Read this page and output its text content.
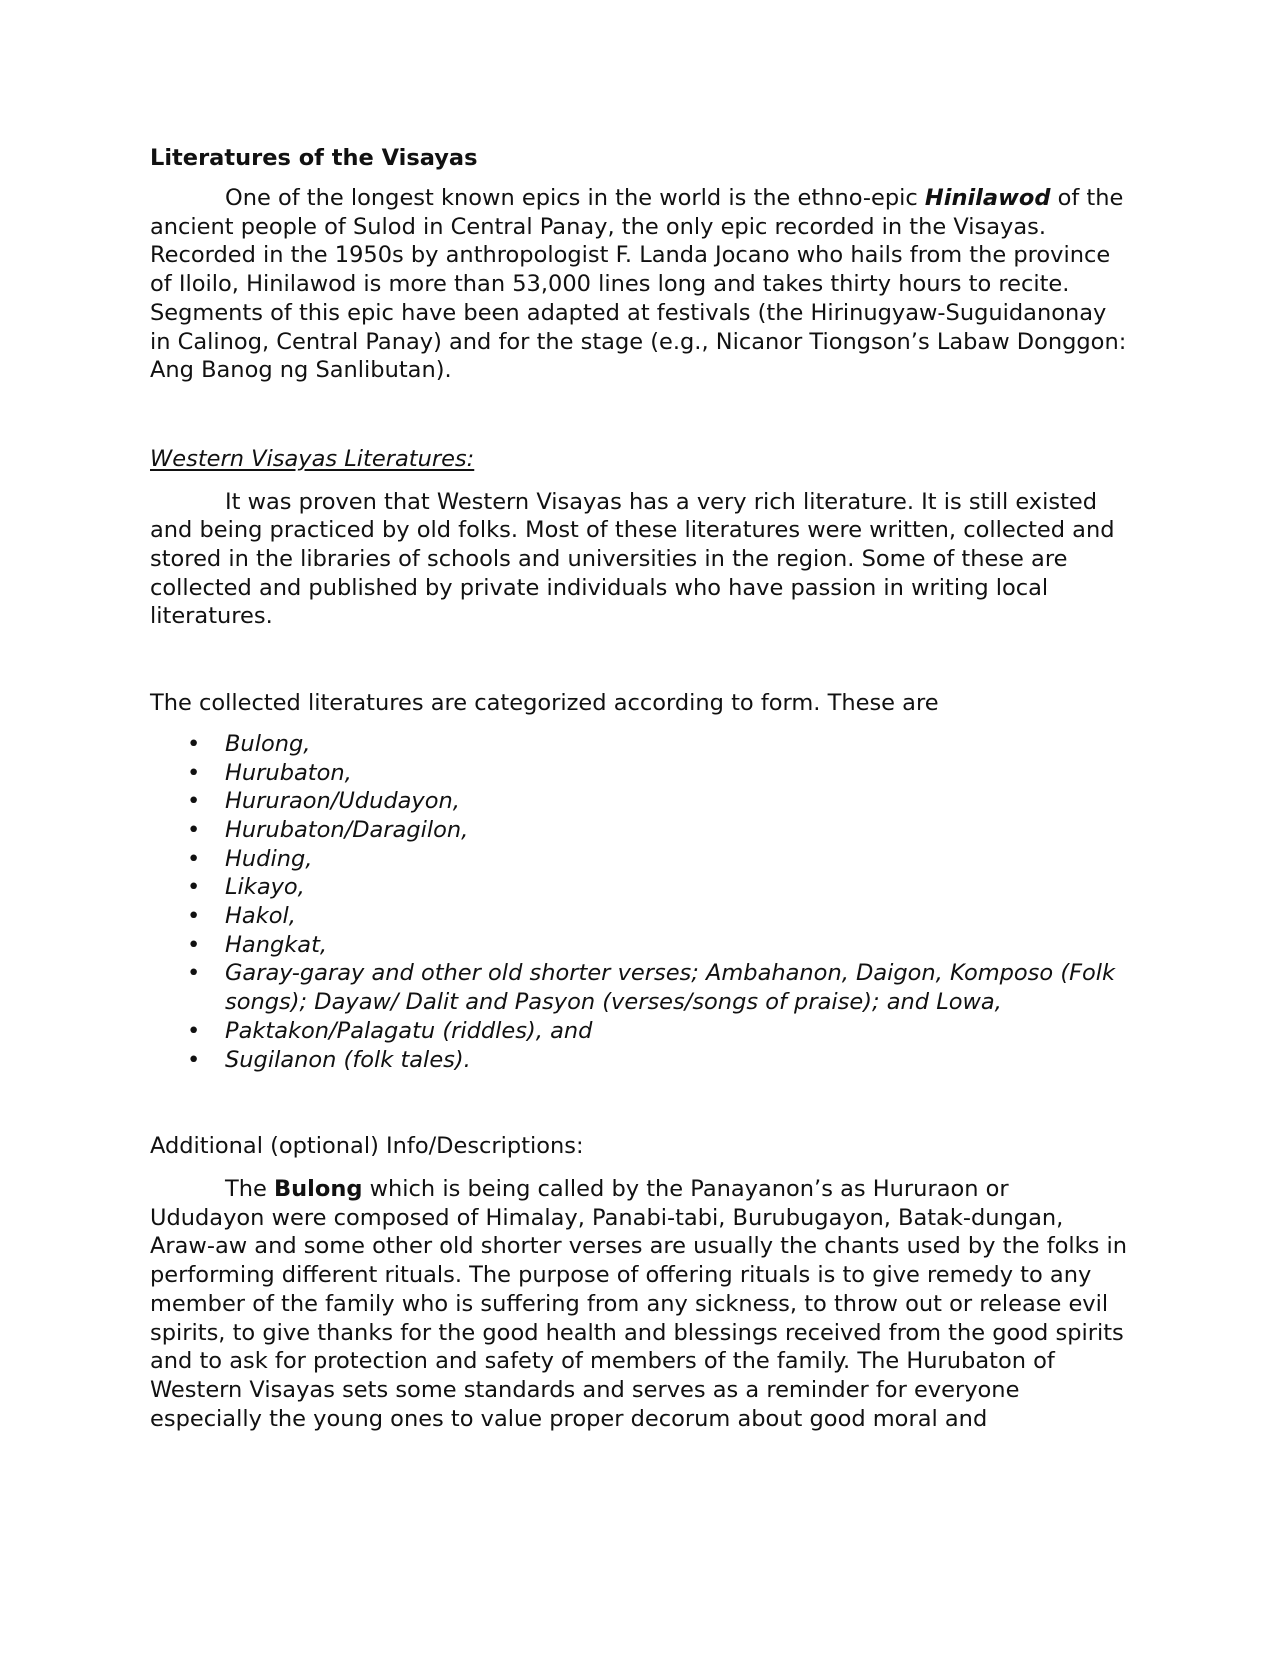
Literatures of the Visayas

One of the longest known epics in the world is the ethno-epic Hinilawod of the ancient people of Sulod in Central Panay, the only epic recorded in the Visayas. Recorded in the 1950s by anthropologist F. Landa Jocano who hails from the province of Iloilo, Hinilawod is more than 53,000 lines long and takes thirty hours to recite. Segments of this epic have been adapted at festivals (the Hirinugyaw-Suguidanonay in Calinog, Central Panay) and for the stage (e.g., Nicanor Tiongson’s Labaw Donggon: Ang Banog ng Sanlibutan).

Western Visayas Literatures:

It was proven that Western Visayas has a very rich literature. It is still existed and being practiced by old folks. Most of these literatures were written, collected and stored in the libraries of schools and universities in the region. Some of these are collected and published by private individuals who have passion in writing local literatures.

The collected literatures are categorized according to form. These are

• Bulong,
• Hurubaton,
• Hururaon/Ududayon,
• Hurubaton/Daragilon,
• Huding,
• Likayo,
• Hakol,
• Hangkat,
• Garay-garay and other old shorter verses; Ambahanon, Daigon, Komposo (Folk songs); Dayaw/ Dalit and Pasyon (verses/songs of praise); and Lowa,
• Paktakon/Palagatu (riddles), and
• Sugilanon (folk tales).

Additional (optional) Info/Descriptions:

The Bulong which is being called by the Panayanon’s as Hururaon or Ududayon were composed of Himalay, Panabi-tabi, Burubugayon, Batak-dungan, Araw-aw and some other old shorter verses are usually the chants used by the folks in performing different rituals. The purpose of offering rituals is to give remedy to any member of the family who is suffering from any sickness, to throw out or release evil spirits, to give thanks for the good health and blessings received from the good spirits and to ask for protection and safety of members of the family. The Hurubaton of Western Visayas sets some standards and serves as a reminder for everyone especially the young ones to value proper decorum about good moral and
